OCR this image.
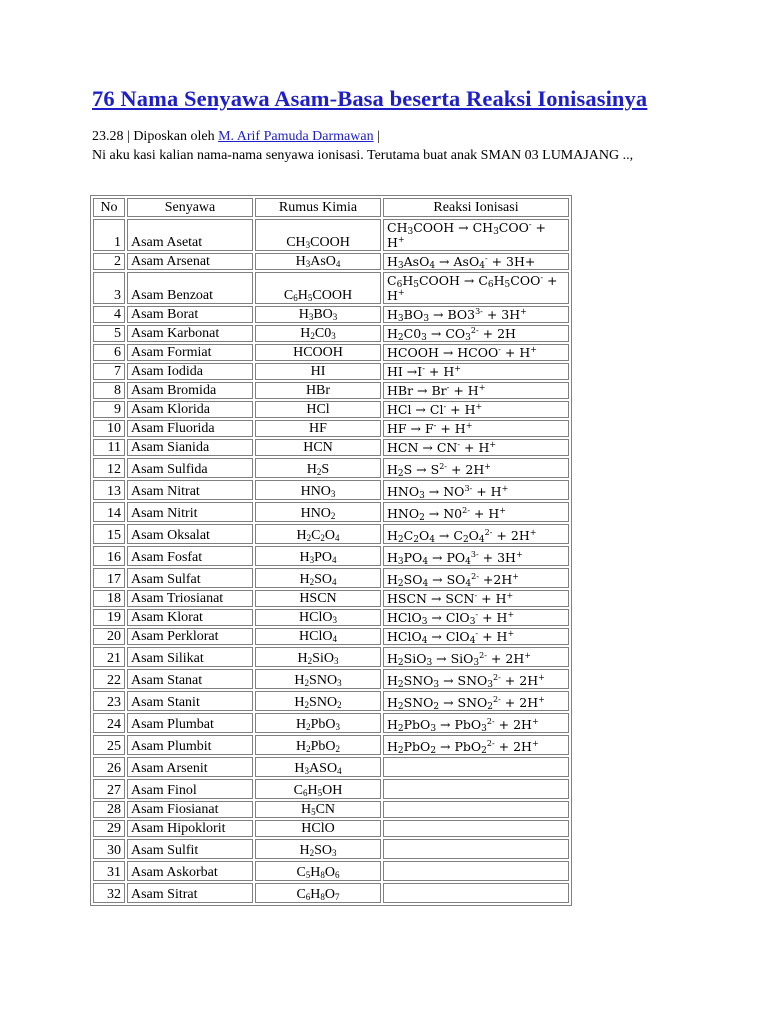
76 Nama Senyawa Asam-Basa beserta Reaksi Ionisasinya

23.28 | Diposkan oleh M. Arif Pamuda Darmawan |

Ni aku kasi kalian nama-nama senyawa ionisasi. Terutama buat anak SMAN 03 LUMAJANG ..,

No	Senyawa	Rumus Kimia	Reaksi Ionisasi
1	Asam Asetat	$CH_3COOH$	$CH_3COOH \to CH_3COO^- + H^+$
2	Asam Arsenat	$H_3AsO_4$	$H_3AsO_4 \to AsO_4^- + 3H+$
3	Asam Benzoat	$C_6H_5COOH$	$C_6H_5COOH \to C_6H_5COO^- + H^+$
4	Asam Borat	$H_3BO_3$	$H_3BO_3 \to BO3^{3-} + 3H^+$
5	Asam Karbonat	$H_2C0_3$	$H_2C0_3 \to CO_3^{2-} + 2H$
6	Asam Formiat	HCOOH	HCOOH → HCOO- + H+
7	Asam Iodida	HI	HI →I- + H+
8	Asam Bromida	HBr	HBr → Br- + H+
9	Asam Klorida	HCl	HCl → Cl- + H+
10	Asam Fluorida	HF	HF → F- + H+
11	Asam Sianida	HCN	HCN → CN- + H+
12	Asam Sulfida	$H_2S$	$H_2S \to S^{2-} + 2H^+$
13	Asam Nitrat	$HNO_3$	$HNO_3 \to NO^{3-} + H^+$
14	Asam Nitrit	$HNO_2$	$HNO_2 \to N0^{2-} + H^+$
15	Asam Oksalat	$H_2C_2O_4$	$H_2C_2O_4 \to C_2O_4^{2-} + 2H^+$
16	Asam Fosfat	$H_3PO_4$	$H_3PO_4 \to PO_4^{3-} + 3H^+$
17	Asam Sulfat	$H_2SO_4$	$H_2SO_4 \to SO_4^{2-} +2H^+$
18	Asam Triosianat	HSCN	HSCN → SCN- + H+
19	Asam Klorat	HClO$_3$	HClO$_3$ → ClO$_3$- + H+
20	Asam Perklorat	HClO$_4$	HClO$_4$ → ClO$_4$- + H+
21	Asam Silikat	$H_2SiO_3$	$H_2SiO_3 \to SiO_3^{2-} + 2H^+$
22	Asam Stanat	$H_2SNO_3$	$H_2SNO_3 \to SNO_3^{2-} + 2H^+$
23	Asam Stanit	$H_2SNO_2$	$H_2SNO_2 \to SNO_2^{2-} + 2H^+$
24	Asam Plumbat	$H_2PbO_3$	$H_2PbO_3 \to PbO_3^{2-} + 2H^+$
25	Asam Plumbit	$H_2PbO_2$	$H_2PbO_2 \to PbO_2^{2-} + 2H^+$
26	Asam Arsenit	$H_3ASO_4$	
27	Asam Finol	$C_6H_5OH$	
28	Asam Fiosianat	$H_5CN$	
29	Asam Hipoklorit	HClO	
30	Asam Sulfit	$H_2SO_3$	
31	Asam Askorbat	$C_5H_8O_6$	
32	Asam Sitrat	$C_6H_8O_7$	
